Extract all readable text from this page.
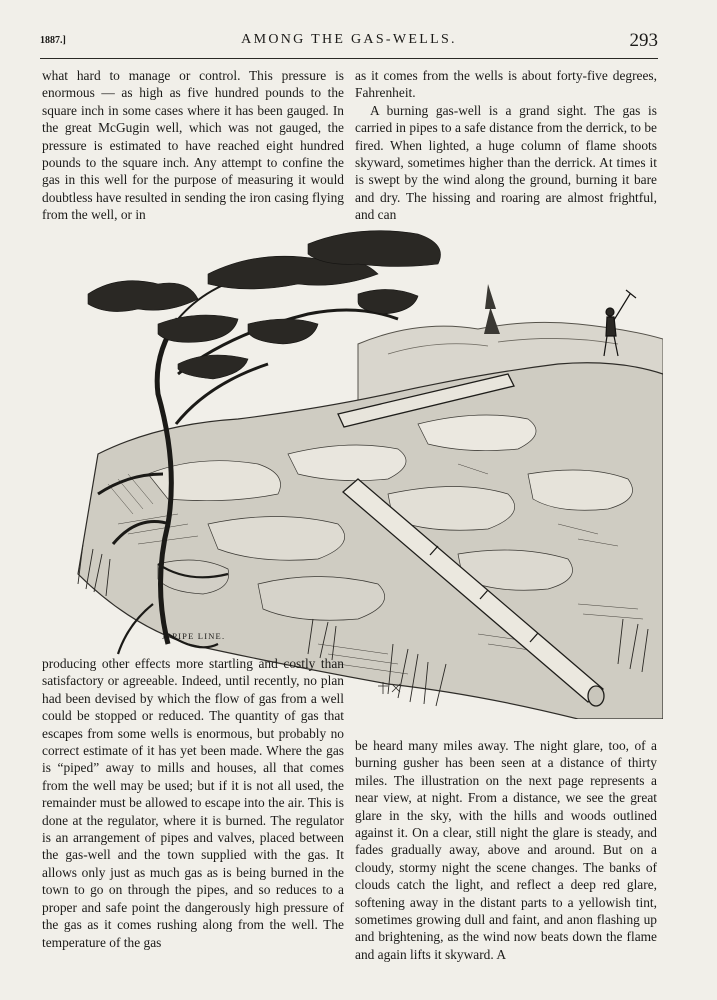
1887.]	AMONG THE GAS-WELLS.	293

what hard to manage or control. This pressure is enormous — as high as five hundred pounds to the square inch in some cases where it has been gauged. In the great McGugin well, which was not gauged, the pressure is estimated to have reached eight hundred pounds to the square inch. Any attempt to confine the gas in this well for the purpose of measuring it would doubtless have resulted in sending the iron casing flying from the well, or in

as it comes from the wells is about forty-five degrees, Fahrenheit.

A burning gas-well is a grand sight. The gas is carried in pipes to a safe distance from the derrick, to be fired. When lighted, a huge column of flame shoots skyward, sometimes higher than the derrick. At times it is swept by the wind along the ground, burning it bare and dry. The hissing and roaring are almost frightful, and can

A PIPE LINE.

producing other effects more startling and costly than satisfactory or agreeable. Indeed, until recently, no plan had been devised by which the flow of gas from a well could be stopped or reduced. The quantity of gas that escapes from some wells is enormous, but probably no correct estimate of it has yet been made. Where the gas is “piped” away to mills and houses, all that comes from the well may be used; but if it is not all used, the remainder must be allowed to escape into the air. This is done at the regulator, where it is burned. The regulator is an arrangement of pipes and valves, placed between the gas-well and the town supplied with the gas. It allows only just as much gas as is being burned in the town to go on through the pipes, and so reduces to a proper and safe point the dangerously high pressure of the gas as it comes rushing along from the well. The temperature of the gas

be heard many miles away. The night glare, too, of a burning gusher has been seen at a distance of thirty miles. The illustration on the next page represents a near view, at night. From a distance, we see the great glare in the sky, with the hills and woods outlined against it. On a clear, still night the glare is steady, and fades gradually away, above and around. But on a cloudy, stormy night the scene changes. The banks of clouds catch the light, and reflect a deep red glare, softening away in the distant parts to a yellowish tint, sometimes growing dull and faint, and anon flashing up and brightening, as the wind now beats down the flame and again lifts it skyward. A
